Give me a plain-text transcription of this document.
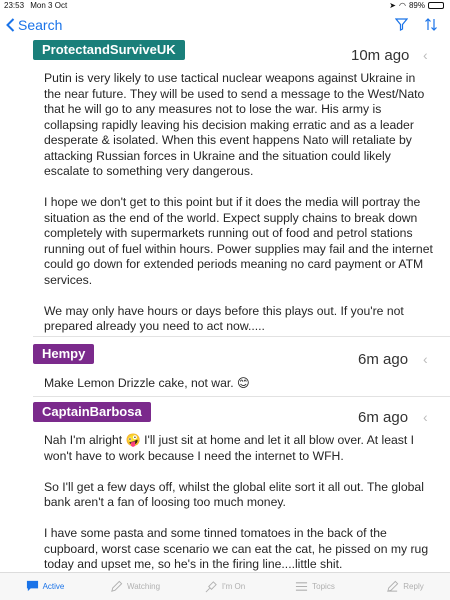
23:53 Mon 3 Oct	➤ ◠ 89%
Search
ProtectandSurviveUK	10m ago ‹

Putin is very likely to use tactical nuclear weapons against Ukraine in the near future. They will be used to send a message to the West/Nato that he will go to any measures not to lose the war. His army is collapsing rapidly leaving his decision making erratic and as a leader desperate & isolated. When this event happens Nato will retaliate by attacking Russian forces in Ukraine and the situation could likely escalate to something very dangerous.

I hope we don't get to this point but if it does the media will portray the situation as the end of the world. Expect supply chains to break down completely with supermarkets running out of food and petrol stations running out of fuel within hours. Power supplies may fail and the internet could go down for extended periods meaning no card payment or ATM services.

We may only have hours or days before this plays out. If you're not prepared already you need to act now.....

Hempy	6m ago ‹

Make Lemon Drizzle cake, not war. 😊

CaptainBarbosa	6m ago ‹

Nah I'm alright 🤪 I'll just sit at home and let it all blow over. At least I won't have to work because I need the internet to WFH.

So I'll get a few days off, whilst the global elite sort it all out. The global bank aren't a fan of loosing too much money.

I have some pasta and some tinned tomatoes in the back of the cupboard, worst case scenario we can eat the cat, he pissed on my rug today and upset me, so he's in the firing line....little shit.

Active	Watching	I'm On	Topics	Reply
